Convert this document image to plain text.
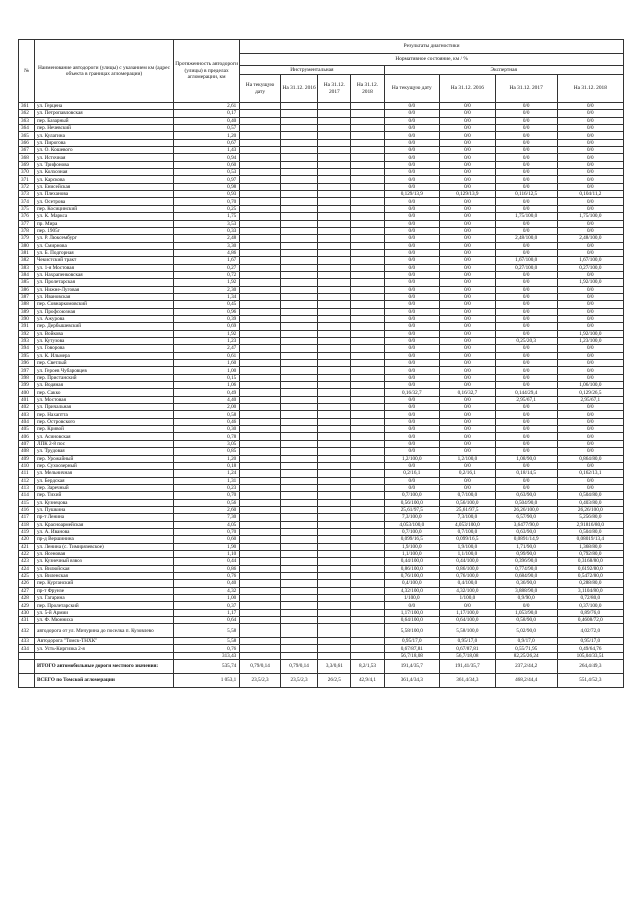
№	Наименование автодороги (улицы) с указанием км (адрес объекта в границах агломерации)	Протяженность автодороги (улицы) в пределах агломерации, км	Результаты диагностики							
			Нормативное состояние, км / %							
			Инструментальная				Экспертная			
			На текущую дату	На 31.12. 2016	На 31.12. 2017	На 31.12. 2018	На текущую дату	На 31.12. 2016	На 31.12. 2017	На 31.12. 2018
361	ул. Герцена	2,61					0/0	0/0	0/0	0/0
362	ул. Петропавловская	0,17					0/0	0/0	0/0	0/0
363	пер. Базарный	0,40					0/0	0/0	0/0	0/0
364	пер. Нечевский	0,57					0/0	0/0	0/0	0/0
365	ул. Кулагина	1,20					0/0	0/0	0/0	0/0
366	ул. Пирогова	0,67					0/0	0/0	0/0	0/0
367	ул. О. Кошевого	1,43					0/0	0/0	0/0	0/0
368	ул. Источная	0,94					0/0	0/0	0/0	0/0
369	ул. Трифонова	0,60					0/0	0/0	0/0	0/0
370	ул. Колхозная	0,53					0/0	0/0	0/0	0/0
371	ул. Карскова	0,97					0/0	0/0	0/0	0/0
372	ул. Енисейская	0,98					0/0	0/0	0/0	0/0
373	ул. Плеханова	0,93					0,129/13,9	0,129/13,9	0,116/12,5	0,104/11,2
374	ул. Осетрова	0,70					0/0	0/0	0/0	0/0
375	пер. Косицинский	0,25					0/0	0/0	0/0	0/0
376	ул. К. Маркса	1,75					0/0	0/0	1,75/100,0	1,75/100,0
377	пр. Мира	3,53					0/0	0/0	0/0	0/0
378	пер. 1905г	0,33					0/0	0/0	0/0	0/0
379	ул. Р. Люксембург	2,48					0/0	0/0	2,48/100,0	2,48/100,0
380	ул. Смирнова	3,30					0/0	0/0	0/0	0/0
381	ул. Б. Подгорная	4,86					0/0	0/0	0/0	0/0
382	Чекистский тракт	1,67					0/0	0/0	1,67/100,0	1,67/100,0
383	ул. 1-я Мостовая	0,27					0/0	0/0	0,27/100,0	0,27/100,0
384	ул. Нахрапенковская	0,72					0/0	0/0	0/0	0/0
385	ул. Пролетарская	1,92					0/0	0/0	0/0	1,92/100,0
386	ул. Нижне-Луговая	2,30					0/0	0/0	0/0	0/0
387	ул. Ивановская	1,34					0/0	0/0	0/0	0/0
388	пер. Совнаркомовский	0,45					0/0	0/0	0/0	0/0
389	ул. Профсоюзная	0,96					0/0	0/0	0/0	0/0
390	ул. Ажурова	0,39					0/0	0/0	0/0	0/0
391	пер. Дербышевский	0,69					0/0	0/0	0/0	0/0
392	ул. Войкова	1,92					0/0	0/0	0/0	1,92/100,0
393	ул. Кутузова	1,23					0/0	0/0	0,25/20,3	1,23/100,0
394	ул. Говорова	2,47					0/0	0/0	0/0	0/0
395	ул. К. Ильмера	0,61					0/0	0/0	0/0	0/0
396	пер. Светлый	1,60					0/0	0/0	0/0	0/0
397	ул. Героев Чубаровцев	1,00					0/0	0/0	0/0	0/0
398	пер. Пристанский	0,15					0/0	0/0	0/0	0/0
399	ул. Водяная	1,06					0/0	0/0	0/0	1,06/100,0
400	пер. Сакко	0,49					0,16/32,7	0,16/32,7	0,144/29,4	0,129/26,5
401	ул. Мостовая	4,40					0/0	0/0	2,95/67,1	2,95/67,1
402	ул. Причальная	2,00					0/0	0/0	0/0	0/0
403	пер. Нахаптта	0,58					0/0	0/0	0/0	0/0
404	пер. Островского	0,46					0/0	0/0	0/0	0/0
405	пер. Кривой	0,30					0/0	0/0	0/0	0/0
406	ул. Асиновская	0,78					0/0	0/0	0/0	0/0
407	ЛПК 2-8 пос	3,05					0/0	0/0	0/0	0/0
408	ул. Трудовая	0,85					0/0	0/0	0/0	0/0
409	пер. Урожайный	1,20					1,2/100,0	1,2/100,0	1,08/90,0	0,864/80,0
410	пер. Сухоозерный	0,18					0/0	0/0	0/0	0/0
411	ул. Мельничная	1,24					0,2/16,1	0,2/16,1	0,18/14,5	0,162/13,1
412	ул. Бердская	1,31					0/0	0/0	0/0	0/0
413	пер. Заречный	0,23					0/0	0/0	0/0	0/0
414	пер. Тихий	0,70					0,7/100,0	0,7/100,0	0,63/90,0	0,504/80,0
415	ул. Кузнецова	0,56					0,56/100,0	0,56/100,0	0,504/90,0	0,403/80,0
416	ул. Пушкина	2,60					25,61/97,5	25,61/97,5	26,26/100,0	26,26/100,0
417	пр-т Ленина	7,30					7,3/100,0	7,3/100,0	6,57/90,0	5,256/80,0
418	ул. Красноармейская	4,05					4,053/100,0	4,053/100,0	3,6477/90,0	2,91816/80,0
419	ул. А. Иванова	0,70					0,7/100,0	0,7/100,0	0,63/90,0	0,504/80,0
420	пр-д Вершинина	0,60					0,099/16,5	0,099/16,5	0,0891/14,9	0,08019/13,4
421	ул. Ленина (с. Тимирязевское)	1,90					1,9/100,0	1,9/100,0	1,71/90,0	1,368/80,0
422	ул. Ясеновая	1,10					1,1/100,0	1,1/100,0	0,99/90,0	0,792/80,0
423	ул. Кузнечный взвоз	0,44					0,44/100,0	0,44/100,0	0,396/90,0	0,3168/80,0
424	ул. Вилюйская	0,86					0,86/100,0	0,86/100,0	0,774/90,0	0,6192/80,0
425	ул. Виленская	0,76					0,76/100,0	0,76/100,0	0,684/90,0	0,5472/80,0
426	пер. Курганский	0,40					0,4/100,0	0,4/100,0	0,36/90,0	0,288/80,0
427	пр-т Фрунзе	4,32					4,32/100,0	4,32/100,0	3,888/90,0	3,1104/80,0
428	ул. Гагарина	1,00					1/100,0	1/100,0	0,9/90,0	0,72/80,0
429	пер. Пролетарский	0,37					0/0	0/0	0/0	0,37/100,0
430	ул. 5-й Армии	1,17					1,17/100,0	1,17/100,0	1,053/90,0	0,89/76,0
431	ул. Ф. Мюнниха	0,64					0,64/100,0	0,64/100,0	0,58/90,0	0,4608/72,0
432	автодорога от ул. Мичурина до поселка п. Кузовлево	5,58					5,58/100,0	5,58/100,0	5,02/90,0	4,02/72,0
433	Автодорога "Томск-ТНХК"	5,58					0,95/17,0	0,95/17,0	0,9/17,0	0,95/17,0
434	ул. Усть-Киргизка 2-я	0,76					0,67/87,81	0,67/87,81	0,55/71,95	0,49/64,76
		313,43					56,7/18,08	56,7/18,08	82,25/26,24	105,04/33,51
	ИТОГО автомобильные дороги местного значения:	535,74	0,79/0,14	0,79/0,14	3,3/0,61	8,2/1,53	191,4/35,7	191,41/35,7	237,2/44,2	264,4/49,3
	ВСЕГО по Томской агломерации	1 053,1	23,5/2,3	23,5/2,3	26/2,5	42,9/4,1	361,4/34,3	361,4/34,3	468,2/44,4	551,4/52,3
